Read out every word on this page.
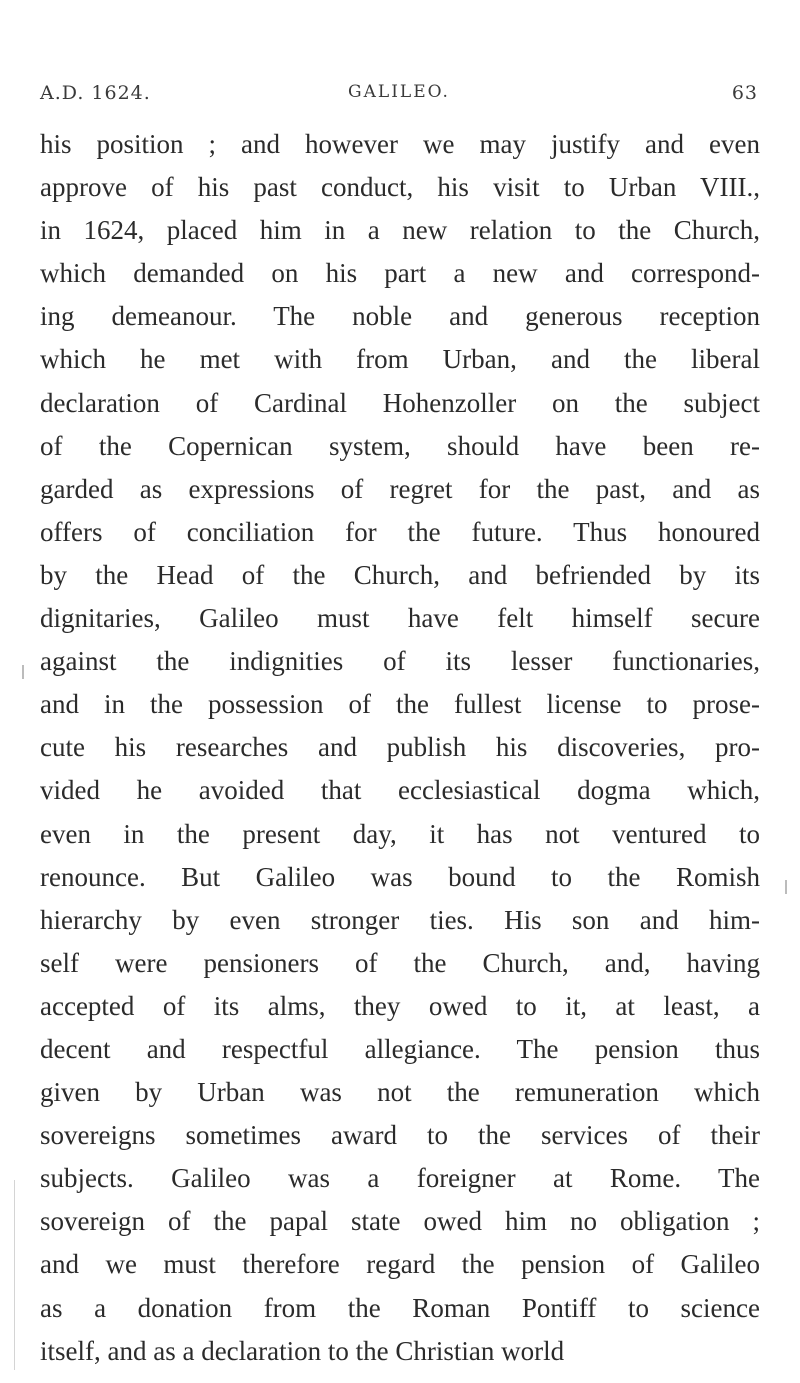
A.D. 1624.	GALILEO.	63
his position ; and however we may justify and even
approve of his past conduct, his visit to Urban VIII.,
in 1624, placed him in a new relation to the Church,
which demanded on his part a new and correspond-
ing demeanour. The noble and generous reception
which he met with from Urban, and the liberal
declaration of Cardinal Hohenzoller on the subject
of the Copernican system, should have been re-
garded as expressions of regret for the past, and as
offers of conciliation for the future. Thus honoured
by the Head of the Church, and befriended by its
dignitaries, Galileo must have felt himself secure
against the indignities of its lesser functionaries,
and in the possession of the fullest license to prose-
cute his researches and publish his discoveries, pro-
vided he avoided that ecclesiastical dogma which,
even in the present day, it has not ventured to
renounce. But Galileo was bound to the Romish
hierarchy by even stronger ties. His son and him-
self were pensioners of the Church, and, having
accepted of its alms, they owed to it, at least, a
decent and respectful allegiance. The pension thus
given by Urban was not the remuneration which
sovereigns sometimes award to the services of their
subjects. Galileo was a foreigner at Rome. The
sovereign of the papal state owed him no obligation ;
and we must therefore regard the pension of Galileo
as a donation from the Roman Pontiff to science
itself, and as a declaration to the Christian world
